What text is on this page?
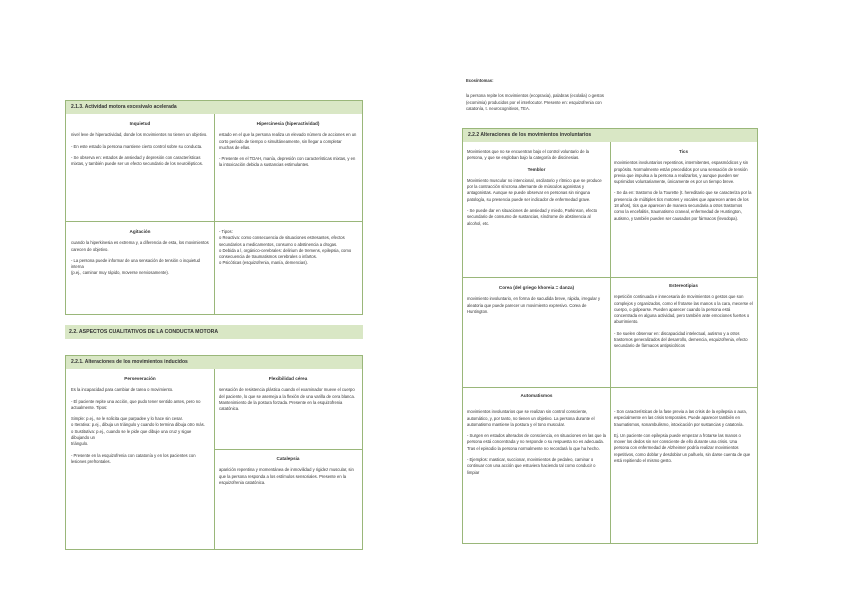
2.1.3. Actividad motora excesiva/o acelerada
Inquietud

nivel leve de hiperactividad, donde los movimientos no tienen un objetivo.

- En este estado la persona mantiene cierto control sobre su conducta.

- Se observa en: estados de ansiedad y depresión con características mixtas, y también puede ser un efecto secundario de los neurolépticos.

Hipercinesia (hiperactividad)

estado en el que la persona realiza un elevado número de acciones en un corto periodo de tiempo o simultáneamente, sin llegar a completar muchas de ellas.

- Presente en el TDAH, manía, depresión con características mixtas, y en la intoxicación debida a sustancias estimulantes.

Agitación

cuando la hiperkinesia es extrema y, a diferencia de esta, los movimientos carecen de objetivo.

- La persona puede informar de una sensación de tensión o inquietud interna
(p.ej., caminar muy rápido, moverse nerviosamente).

- Tipos:
o Reactiva: como consecuencia de situaciones estresantes, efectos secundarios a medicamentos, consumo o abstinencia a drogas.
o Debida a l, orgánico-cerebrales: delirium de tremens, epilepsia, como consecuencia de traumatismos cerebrales o infartos.
o Psicóticas (esquizofrenia, manía, demencias).

2.2. ASPECTOS CUALITATIVOS DE LA CONDUCTA MOTORA
2.2.1. Alteraciones de los movimientos inducidos
Perseveración

Es la incapacidad para cambiar de tarea o movimiento.

- El paciente repite una acción, que pudo tener sentido antes, pero no actualmente. Tipos:

Simple: p.ej., se le solicita que parpadee y lo hace sin cesar.
o Iterativa: p.ej., dibuja un triángulo y cuando lo termina dibuja otro más.
o Sustitutiva: p.ej., cuando se le pide que dibuje una cruz y sigue dibujando un
triángulo.

- Presente en la esquizofrenia con catatonía y en los pacientes con lesiones prefrontales.

Flexibilidad cérea

sensación de resistencia plástica cuando el examinador mueve el cuerpo del paciente, lo que se asemeja a la flexión de una varilla de cera blanca. Mantenimiento de la postura forzada. Presente en la esquizofrenia catatónica.

Catalepsia

aparición repentina y momentánea de inmovilidad y rigidez muscular, sin que la persona responda a los estímulos sensoriales. Presente en la esquizofrenia catatónica.

Ecosíntomas:

la persona repite los movimientos (ecopraxia), palabras (ecolalia) o gestos (ecomimia) producidos por el interlocutor. Presente en: esquizofrenia con catatonía, t. neurocognitivos, TEA.

2.2.2 Alteraciones de los movimientos involuntarios

Movimientos que no se encuentran bajo el control voluntario de la persona, y que se engloban bajo la categoría de discinesias.

Temblor

Movimiento muscular no intencional, oscilatorio y rítmico que se produce por la contracción síncrona alternante de músculos agonistas y antagonistas. Aunque se puede observar en personas sin ninguna patología, su presencia puede ser indicador de enfermedad grave.

- Se puede dar en situaciones de ansiedad y miedo, Parkinson, efecto secundario de consumo de sustancias, síndrome de abstinencia al alcohol, etc.

Tics

movimientos involuntarios repentinos, intermitentes, espasmódicos y sin propósito. Normalmente están precedidos por una sensación de tensión previa que impulsa a la persona a realizarlos, y aunque pueden ser suprimidos voluntariamente, únicamente es por un tiempo breve.

- Se da en: trastorno de la Tourette (t. hereditario que se caracteriza por la presencia de múltiples tics motores y vocales que aparecen antes de los 18 años), tics que aparecen de manera secundaria a otros trastornos como la encefalitis, traumatismo craneal, enfermedad de Huntington, autismo, y también pueden ser causados por fármacos (levodopa).

Corea (del griego khoreia = danza)

movimiento involuntario, en forma de sacudida breve, rápida, irregular y aleatoria que puede parecer un movimiento expresivo. Corea de Huntington.

Estereotipias

repetición continuada e innecesaria de movimientos o gestos que son complejos y organizados, como el frotarse las manos o la cara, mecerse el cuerpo, o golpearse. Pueden aparecer cuando la persona está concentrada en alguna actividad, pero también ante emociones fuertes o aburrimiento.

- Se suelen observar en: discapacidad intelectual, autismo y a otros trastornos generalizados del desarrollo, demencia, esquizofrenia, efecto secundario de fármacos antipsicóticos

Automatismos

movimientos involuntarios que se realizan sin control consciente, automático, y, por tanto, no tienen un objetivo. La persona durante el automatismo mantiene la postura y el tono muscular.

- Surgen en estados alterados de consciencia, en situaciones en las que la persona está concentrada y no responde o su respuesta no es adecuada. Tras el episodio la persona normalmente no recordará lo que ha hecho.

- Ejemplos: masticar, succionar, movimientos de pedaleo, caminar o continuar con una acción que estuviera haciendo tal como conducir o limpiar

- Son características de la fase previa a las crisis de la epilepsia o aura, especialmente en las crisis temporales. Puede aparecer también en traumatismos, sonambulismo, intoxicación por sustancias y catatonía.

Ej. Un paciente con epilepsia puede empezar a frotarse las manos o mover los dedos sin ser consciente de ello durante una crisis. Una persona con enfermedad de Alzheimer podría realizar movimientos repetitivos, como doblar y desdoblar un pañuelo, sin darse cuenta de que está repitiendo el mismo gesto.
